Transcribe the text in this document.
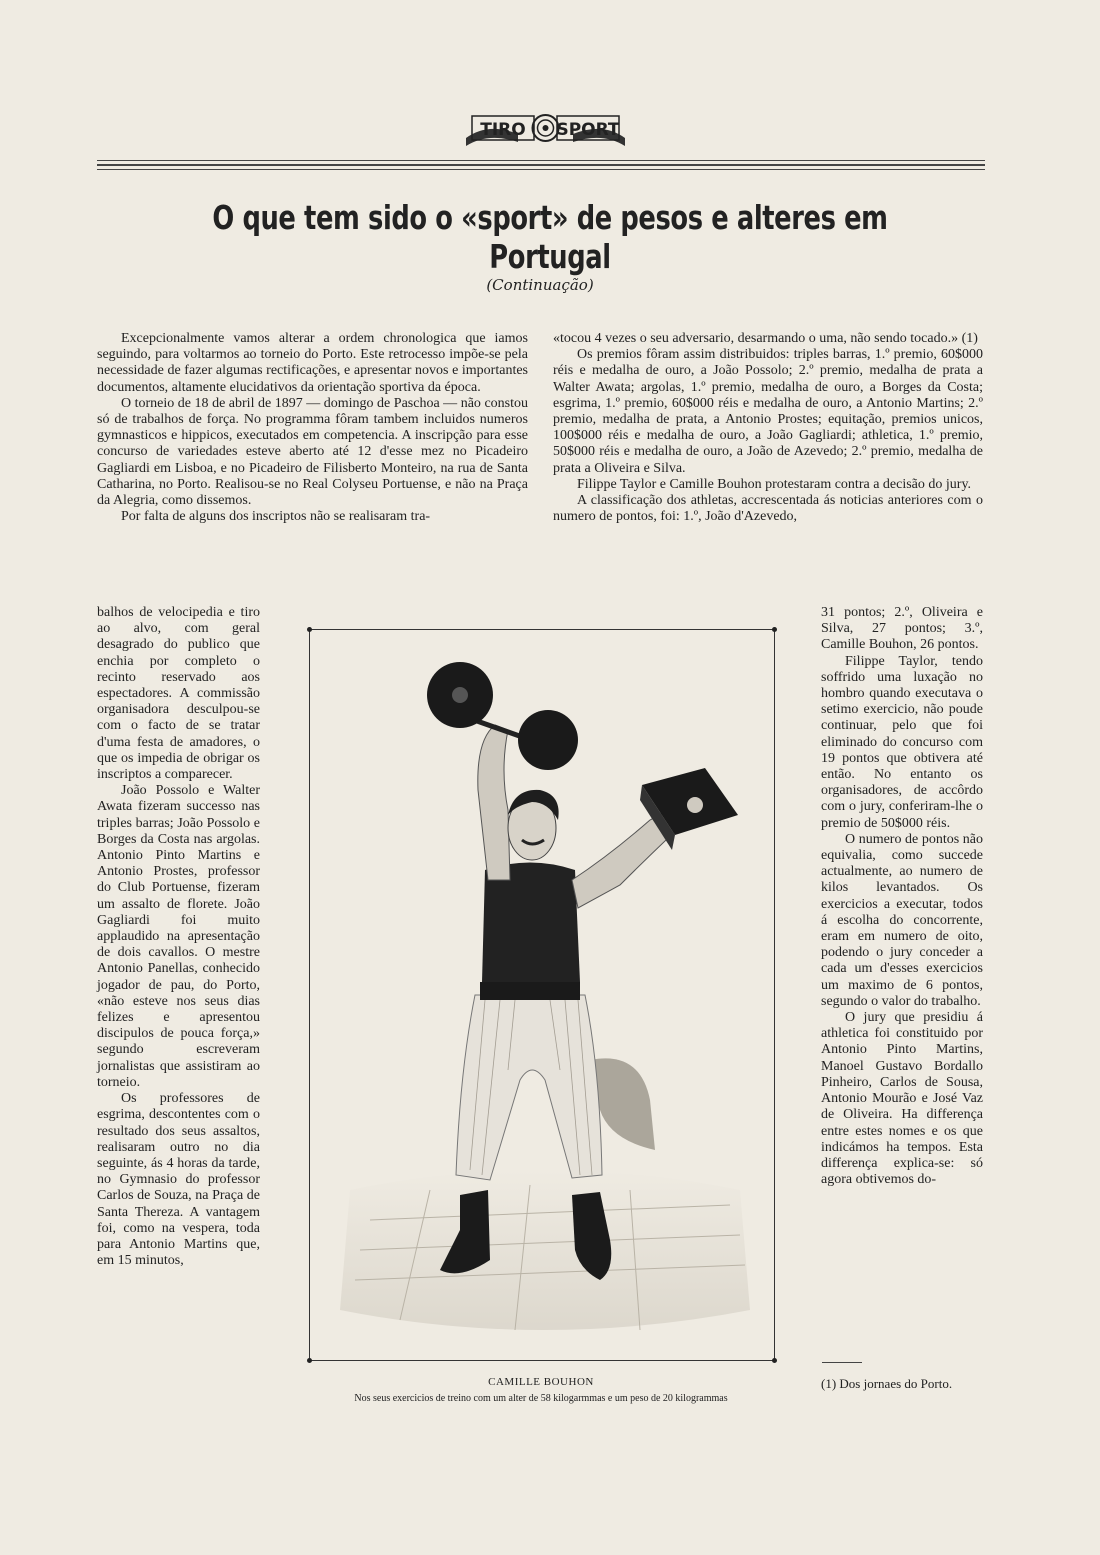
TIRO SPORT
O que tem sido o «sport» de pesos e alteres em Portugal

(Continuação)

Excepcionalmente vamos alterar a ordem chronologica que iamos seguindo, para voltarmos ao torneio do Porto. Este retrocesso impõe-se pela necessidade de fazer algumas rectificações, e apresentar novos e importantes documentos, altamente elucidativos da orientação sportiva da época.

O torneio de 18 de abril de 1897 — domingo de Paschoa — não constou só de trabalhos de força. No programma fôram tambem incluidos numeros gymnasticos e hippicos, executados em competencia. A inscripção para esse concurso de variedades esteve aberto até 12 d'esse mez no Picadeiro Gagliardi em Lisboa, e no Picadeiro de Filisberto Monteiro, na rua de Santa Catharina, no Porto. Realisou-se no Real Colyseu Portuense, e não na Praça da Alegria, como dissemos.

Por falta de alguns dos inscriptos não se realisaram tra-

balhos de velocipedia e tiro ao alvo, com geral desagrado do publico que enchia por completo o recinto reservado aos espectadores. A commissão organisadora desculpou-se com o facto de se tratar d'uma festa de amadores, o que os impedia de obrigar os inscriptos a comparecer.

João Possolo e Walter Awata fizeram successo nas triples barras; João Possolo e Borges da Costa nas argolas. Antonio Pinto Martins e Antonio Prostes, professor do Club Portuense, fizeram um assalto de florete. João Gagliardi foi muito applaudido na apresentação de dois cavallos. O mestre Antonio Panellas, conhecido jogador de pau, do Porto, «não esteve nos seus dias felizes e apresentou discipulos de pouca força,» segundo escreveram jornalistas que assistiram ao torneio.

Os professores de esgrima, descontentes com o resultado dos seus assaltos, realisaram outro no dia seguinte, ás 4 horas da tarde, no Gymnasio do professor Carlos de Souza, na Praça de Santa Thereza. A vantagem foi, como na vespera, toda para Antonio Martins que, em 15 minutos,

«tocou 4 vezes o seu adversario, desarmando o uma, não sendo tocado.» (1)

Os premios fôram assim distribuidos: triples barras, 1.º premio, 60$000 réis e medalha de ouro, a João Possolo; 2.º premio, medalha de prata a Walter Awata; argolas, 1.º premio, medalha de ouro, a Borges da Costa; esgrima, 1.º premio, 60$000 réis e medalha de ouro, a Antonio Martins; 2.º premio, medalha de prata, a Antonio Prostes; equitação, premios unicos, 100$000 réis e medalha de ouro, a João Gagliardi; athletica, 1.º premio, 50$000 réis e medalha de ouro, a João de Azevedo; 2.º premio, medalha de prata a Oliveira e Silva.

Filippe Taylor e Camille Bouhon protestaram contra a decisão do jury.

A classificação dos athletas, accrescentada ás noticias anteriores com o numero de pontos, foi: 1.º, João d'Azevedo,

31 pontos; 2.º, Oliveira e Silva, 27 pontos; 3.º, Camille Bouhon, 26 pontos.

Filippe Taylor, tendo soffrido uma luxação no hombro quando executava o setimo exercicio, não poude continuar, pelo que foi eliminado do concurso com 19 pontos que obtivera até então. No entanto os organisadores, de accôrdo com o jury, conferiram-lhe o premio de 50$000 réis.

O numero de pontos não equivalia, como succede actualmente, ao numero de kilos levantados. Os exercicios a executar, todos á escolha do concorrente, eram em numero de oito, podendo o jury conceder a cada um d'esses exercicios um maximo de 6 pontos, segundo o valor do trabalho.

O jury que presidiu á athletica foi constituido por Antonio Pinto Martins, Manoel Gustavo Bordallo Pinheiro, Carlos de Sousa, Antonio Mourão e José Vaz de Oliveira. Ha differença entre estes nomes e os que indicámos ha tempos. Esta differença explica-se: só agora obtivemos do-

CAMILLE BOUHON
Nos seus exercicios de treino com um alter de 58 kilogarmmas e um peso de 20 kilogrammas
(1) Dos jornaes do Porto.
